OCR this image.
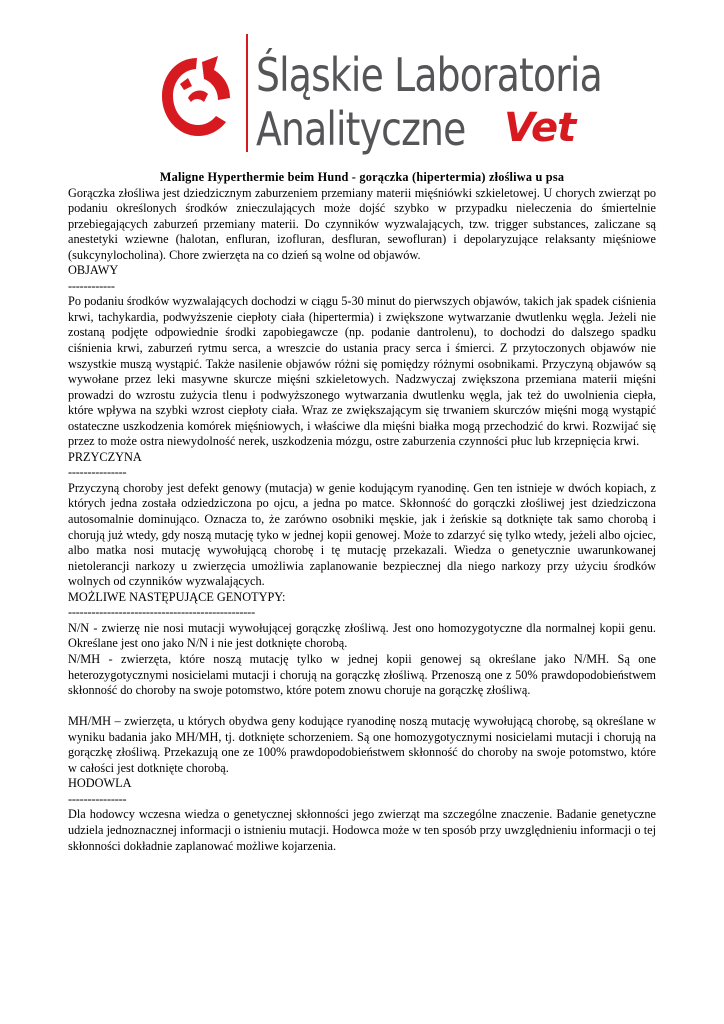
Śląskie Laboratoria
Analityczne Vet

Maligne Hyperthermie beim Hund - gorączka (hipertermia) złośliwa u psa

Gorączka złośliwa jest dziedzicznym zaburzeniem przemiany materii mięśniówki szkieletowej. U chorych zwierząt po podaniu określonych środków zniecz​ulających może dojść szybko w przypadku nieleczenia do śmiertelnie przebiegających zaburzeń przemiany materii. Do czynników wyzwalających, tzw. trigger substances, zaliczane są anestetyki wziewne (halotan, enfluran, izofluran, desfluran, sewofluran) i depolaryzujące relaksanty mięśniowe (sukcynylocholina). Chore zwierzęta na co dzień są wolne od objawów.

OBJAWY

------------

Po podaniu środków wyzwalających dochodzi w ciągu 5-30 minut do pierwszych objawów, takich jak spadek ciśnienia krwi, tachykardia, podwyższenie ciepłoty ciała (hipertermia) i zwiększone wytwarzanie dwutlenku węgla. Jeżeli nie zostaną podjęte odpowiednie środki zapobiegawcze (np. podanie dantrolenu), to dochodzi do dalszego spadku ciśnienia krwi, zaburzeń rytmu serca, a wreszcie do ustania pracy serca i śmierci. Z przytoczonych objawów nie wszystkie muszą wystąpić. Także nasilenie objawów różni się pomiędzy różnymi osobnikami. Przyczyną objawów są wywołane przez leki masywne skurcze mięśni szkieletowych. Nadzwyczaj zwiększona przemiana materii mięśni prowadzi do wzrostu zużycia tlenu i podwyższonego wytwarzania dwutlenku węgla, jak też do uwolnienia ciepła, które wpływa na szybki wzrost ciepłoty ciała. Wraz ze zwiększającym się trwaniem skurczów mięśni mogą wystąpić ostateczne uszkodzenia komórek mięśniowych, i właściwe dla mięśni białka mogą przechodzić do krwi. Rozwijać się przez to może ostra niewydolność nerek, uszkodzenia mózgu, ostre zaburzenia czynności płuc lub krzepnięcia krwi.

PRZYCZYNA

---------------

Przyczyną choroby jest defekt genowy (mutacja) w genie kodującym ryanodinę. Gen ten istnieje w dwóch kopiach, z których jedna została odziedziczona po ojcu, a jedna po matce. Skłonność do gorączki złośliwej jest dziedziczona autosomalnie dominująco. Oznacza to, że zarówno osobniki męskie, jak i żeńskie są dotknięte tak samo chorobą i chorują już wtedy, gdy noszą mutację tyko w jednej kopii genowej. Może to zdarzyć się tylko wtedy, jeżeli albo ojciec, albo matka nosi mutację wywołującą chorobę i tę mutację przekazali. Wiedza o genetycznie uwarunkowanej nietolerancji narkozy u zwierzęcia umożliwia zaplanowanie bezpiecznej dla niego narkozy przy użyciu środków wolnych od czynników wyzwalających.

MOŻLIWE NASTĘPUJĄCE GENOTYPY:

------------------------------------------------

N/N - zwierzę nie nosi mutacji wywołującej gorączkę złośliwą. Jest ono homozygotyczne dla normalnej kopii genu. Określane jest ono jako N/N i nie jest dotknięte chorobą.

N/MH - zwierzęta, które noszą mutację tylko w jednej kopii genowej są określane jako N/MH. Są one heterozygotycznymi nosicielami mutacji i chorują na gorączkę złośliwą. Przenoszą one z 50% prawdopodobieństwem skłonność do choroby na swoje potomstwo, które potem znowu choruje na gorączkę złośliwą.

MH/MH – zwierzęta, u których obydwa geny kodujące ryanodinę noszą mutację wywołującą chorobę, są określane w wyniku badania jako MH/MH, tj. dotknięte schorzeniem. Są one homozygotycznymi nosicielami mutacji i chorują na gorączkę złośliwą. Przekazują one ze 100% prawdopodobieństwem skłonność do choroby na swoje potomstwo, które w całości jest dotknięte chorobą.

HODOWLA

---------------

Dla hodowcy wczesna wiedza o genetycznej skłonności jego zwierząt ma szczególne znaczenie. Badanie genetyczne udziela jednoznacznej informacji o istnieniu mutacji. Hodowca może w ten sposób przy uwzględnieniu informacji o tej skłonności dokładnie zaplanować możliwe kojarzenia.
